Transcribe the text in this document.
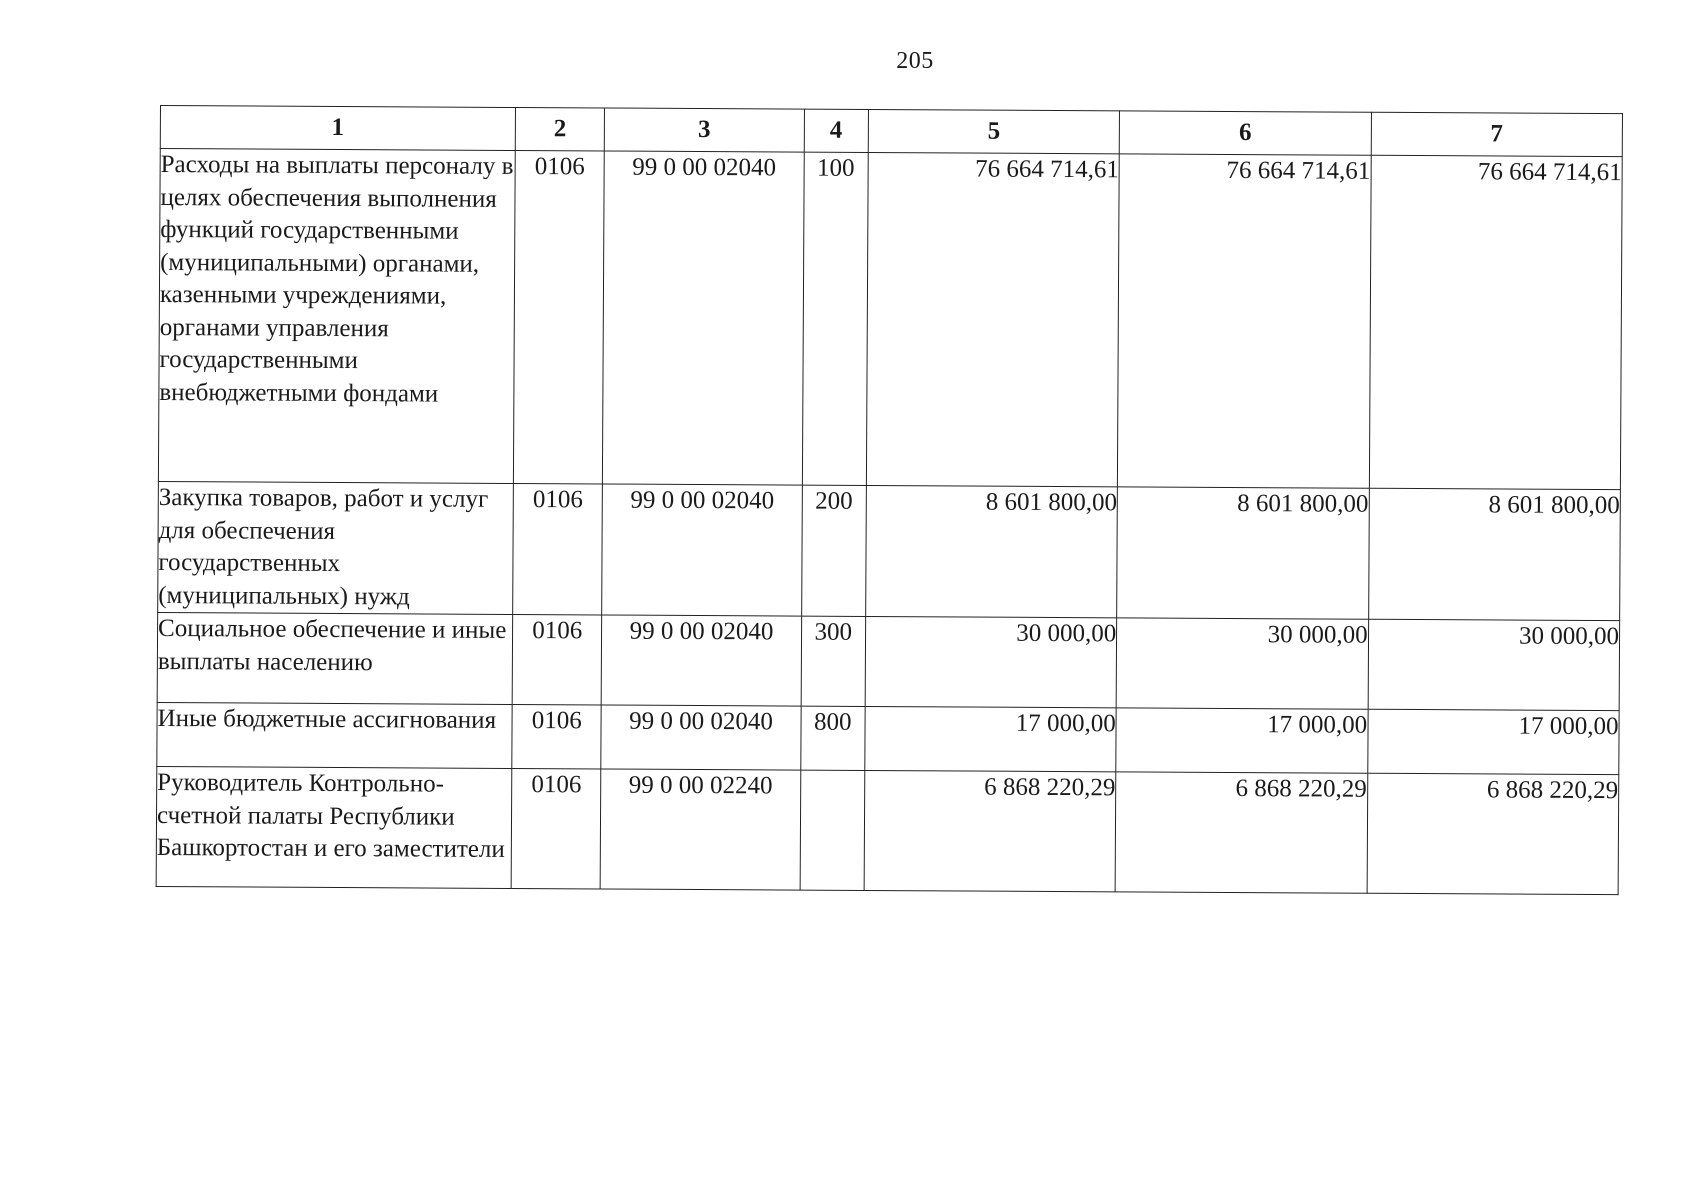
205
1	2	3	4	5	6	7
Расходы на выплаты персоналу в целях обеспечения выполнения функций государственными (муниципальными) органами, казенными учреждениями, органами управления государственными внебюджетными фондами	0106	99 0 00 02040	100	76 664 714,61	76 664 714,61	76 664 714,61
Закупка товаров, работ и услуг для обеспечения государственных (муниципальных) нужд	0106	99 0 00 02040	200	8 601 800,00	8 601 800,00	8 601 800,00
Социальное обеспечение и иные выплаты населению	0106	99 0 00 02040	300	30 000,00	30 000,00	30 000,00
Иные бюджетные ассигнования	0106	99 0 00 02040	800	17 000,00	17 000,00	17 000,00
Руководитель Контрольно-счетной палаты Республики Башкортостан и его заместители	0106	99 0 00 02240		6 868 220,29	6 868 220,29	6 868 220,29
